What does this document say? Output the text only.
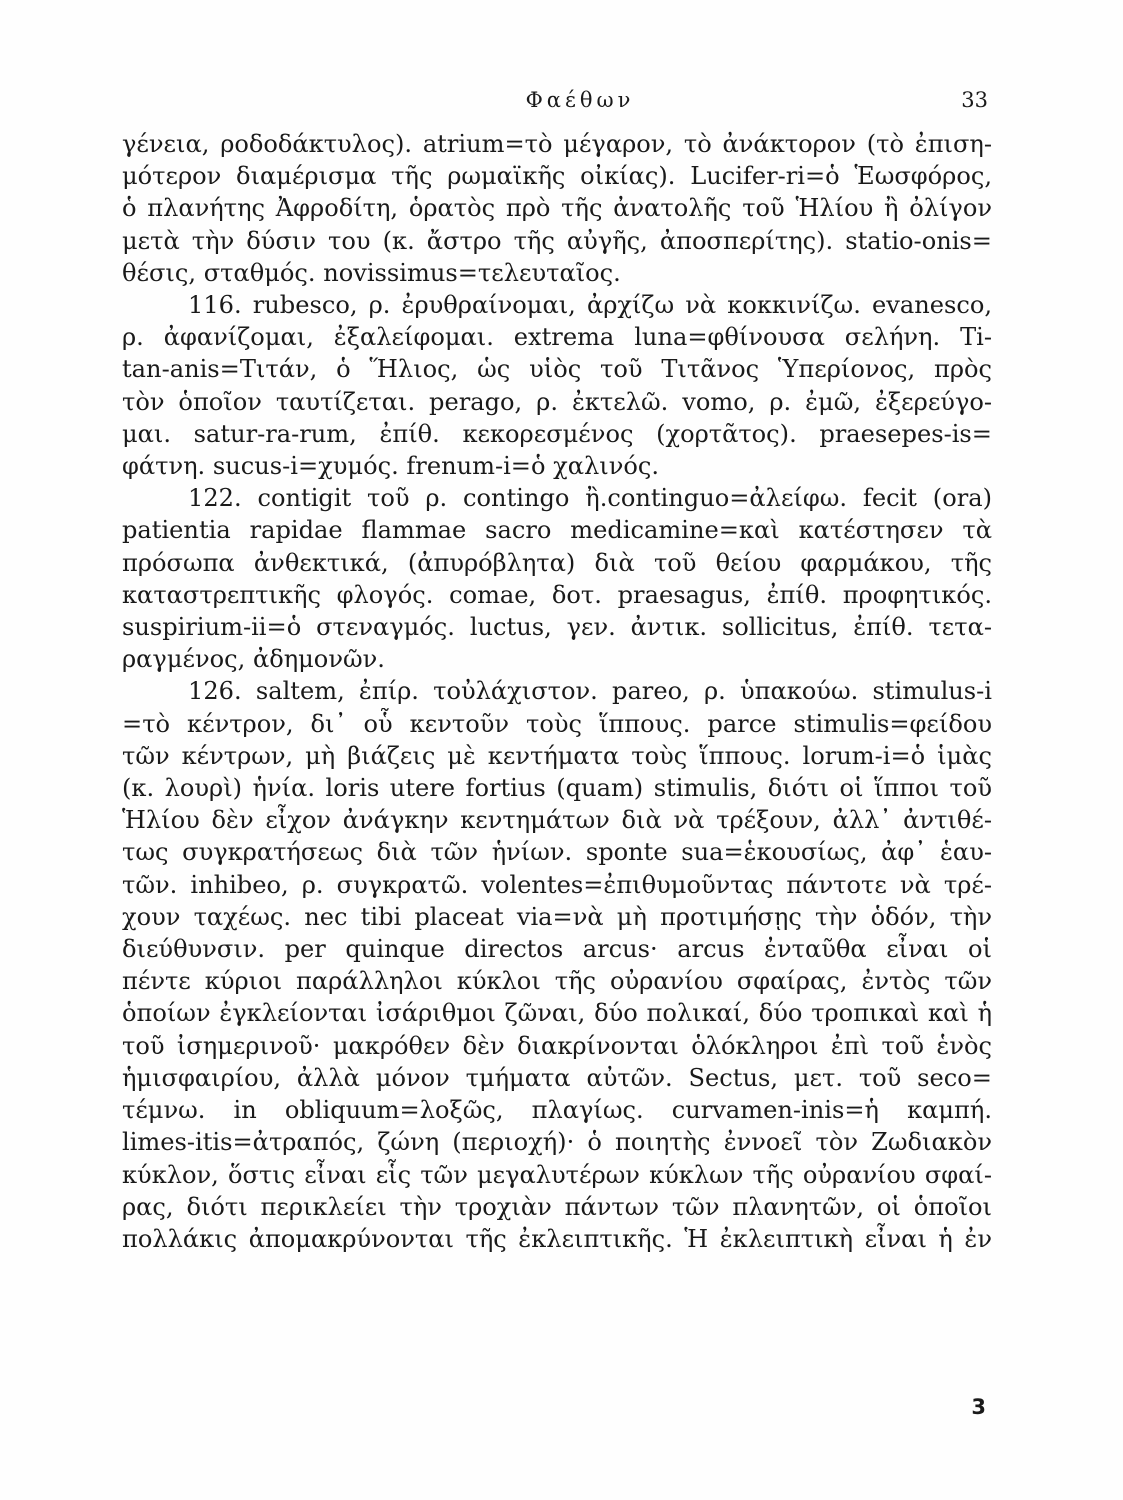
Φαέθων	33
γένεια, ροδοδάκτυλος). atrium=τὸ μέγαρον, τὸ ἀνάκτορον (τὸ ἐπιση-
μότερον διαμέρισμα τῆς ρωμαϊκῆς οἰκίας). Lucifer-ri=ὁ Ἑωσφόρος,
ὁ πλανήτης Ἀφροδίτη, ὁρατὸς πρὸ τῆς ἀνατολῆς τοῦ Ἡλίου ἢ ὀλίγον
μετὰ τὴν δύσιν του (κ. ἄστρο τῆς αὐγῆς, ἀποσπερίτης). statio-onis=
θέσις, σταθμός. novissimus=τελευταῖος.
116. rubesco, ρ. ἐρυθραίνομαι, ἀρχίζω νὰ κοκκινίζω. evanesco,
ρ. ἀφανίζομαι, ἐξαλείφομαι. extrema luna=φθίνουσα σελήνη. Ti-
tan-anis=Τιτάν, ὁ Ἥλιος, ὡς υἱὸς τοῦ Τιτᾶνος Ὑπερίονος, πρὸς
τὸν ὁποῖον ταυτίζεται. perago, ρ. ἐκτελῶ. vomo, ρ. ἐμῶ, ἐξερεύγο-
μαι. satur-ra-rum, ἐπίθ. κεκορεσμένος (χορτᾶτος). praesepes-is=
φάτνη. sucus-i=χυμός. frenum-i=ὁ χαλινός.
122. contigit τοῦ ρ. contingo ἢ.continguo=ἀλείφω. fecit (ora)
patientia rapidae flammae sacro medicamine=καὶ κατέστησεν τὰ
πρόσωπα ἀνθεκτικά, (ἀπυρόβλητα) διὰ τοῦ θείου φαρμάκου, τῆς
καταστρεπτικῆς φλογός. comae, δοτ. praesagus, ἐπίθ. προφητικός.
suspirium-ii=ὁ στεναγμός. luctus, γεν. ἀντικ. sollicitus, ἐπίθ. τετα-
ραγμένος, ἀδημονῶν.
126. saltem, ἐπίρ. τοὐλάχιστον. pareo, ρ. ὑπακούω. stimulus-i
=τὸ κέντρον, δι᾽ οὗ κεντοῦν τοὺς ἵππους. parce stimulis=φείδου
τῶν κέντρων, μὴ βιάζεις μὲ κεντήματα τοὺς ἵππους. lorum-i=ὁ ἱμὰς
(κ. λουρὶ) ἡνία. loris utere fortius (quam) stimulis, διότι οἱ ἵπποι τοῦ
Ἡλίου δὲν εἶχον ἀνάγκην κεντημάτων διὰ νὰ τρέξουν, ἀλλ᾽ ἀντιθέ-
τως συγκρατήσεως διὰ τῶν ἡνίων. sponte sua=ἑκουσίως, ἀφ᾽ ἑαυ-
τῶν. inhibeo, ρ. συγκρατῶ. volentes=ἐπιθυμοῦντας πάντοτε νὰ τρέ-
χουν ταχέως. nec tibi placeat via=νὰ μὴ προτιμήσῃς τὴν ὁδόν, τὴν
διεύθυνσιν. per quinque directos arcus· arcus ἐνταῦθα εἶναι οἱ
πέντε κύριοι παράλληλοι κύκλοι τῆς οὐρανίου σφαίρας, ἐντὸς τῶν
ὁποίων ἐγκλείονται ἰσάριθμοι ζῶναι, δύο πολικαί, δύο τροπικαὶ καὶ ἡ
τοῦ ἰσημερινοῦ· μακρόθεν δὲν διακρίνονται ὁλόκληροι ἐπὶ τοῦ ἑνὸς
ἡμισφαιρίου, ἀλλὰ μόνον τμήματα αὐτῶν. Sectus, μετ. τοῦ seco=
τέμνω. in obliquum=λοξῶς, πλαγίως. curvamen-inis=ἡ καμπή.
limes-itis=ἀτραπός, ζώνη (περιοχή)· ὁ ποιητὴς ἐννοεῖ τὸν Ζωδιακὸν
κύκλον, ὅστις εἶναι εἷς τῶν μεγαλυτέρων κύκλων τῆς οὐρανίου σφαί-
ρας, διότι περικλείει τὴν τροχιὰν πάντων τῶν πλανητῶν, οἱ ὁποῖοι
πολλάκις ἀπομακρύνονται τῆς ἐκλειπτικῆς. Ἡ ἐκλειπτικὴ εἶναι ἡ ἐν
3
